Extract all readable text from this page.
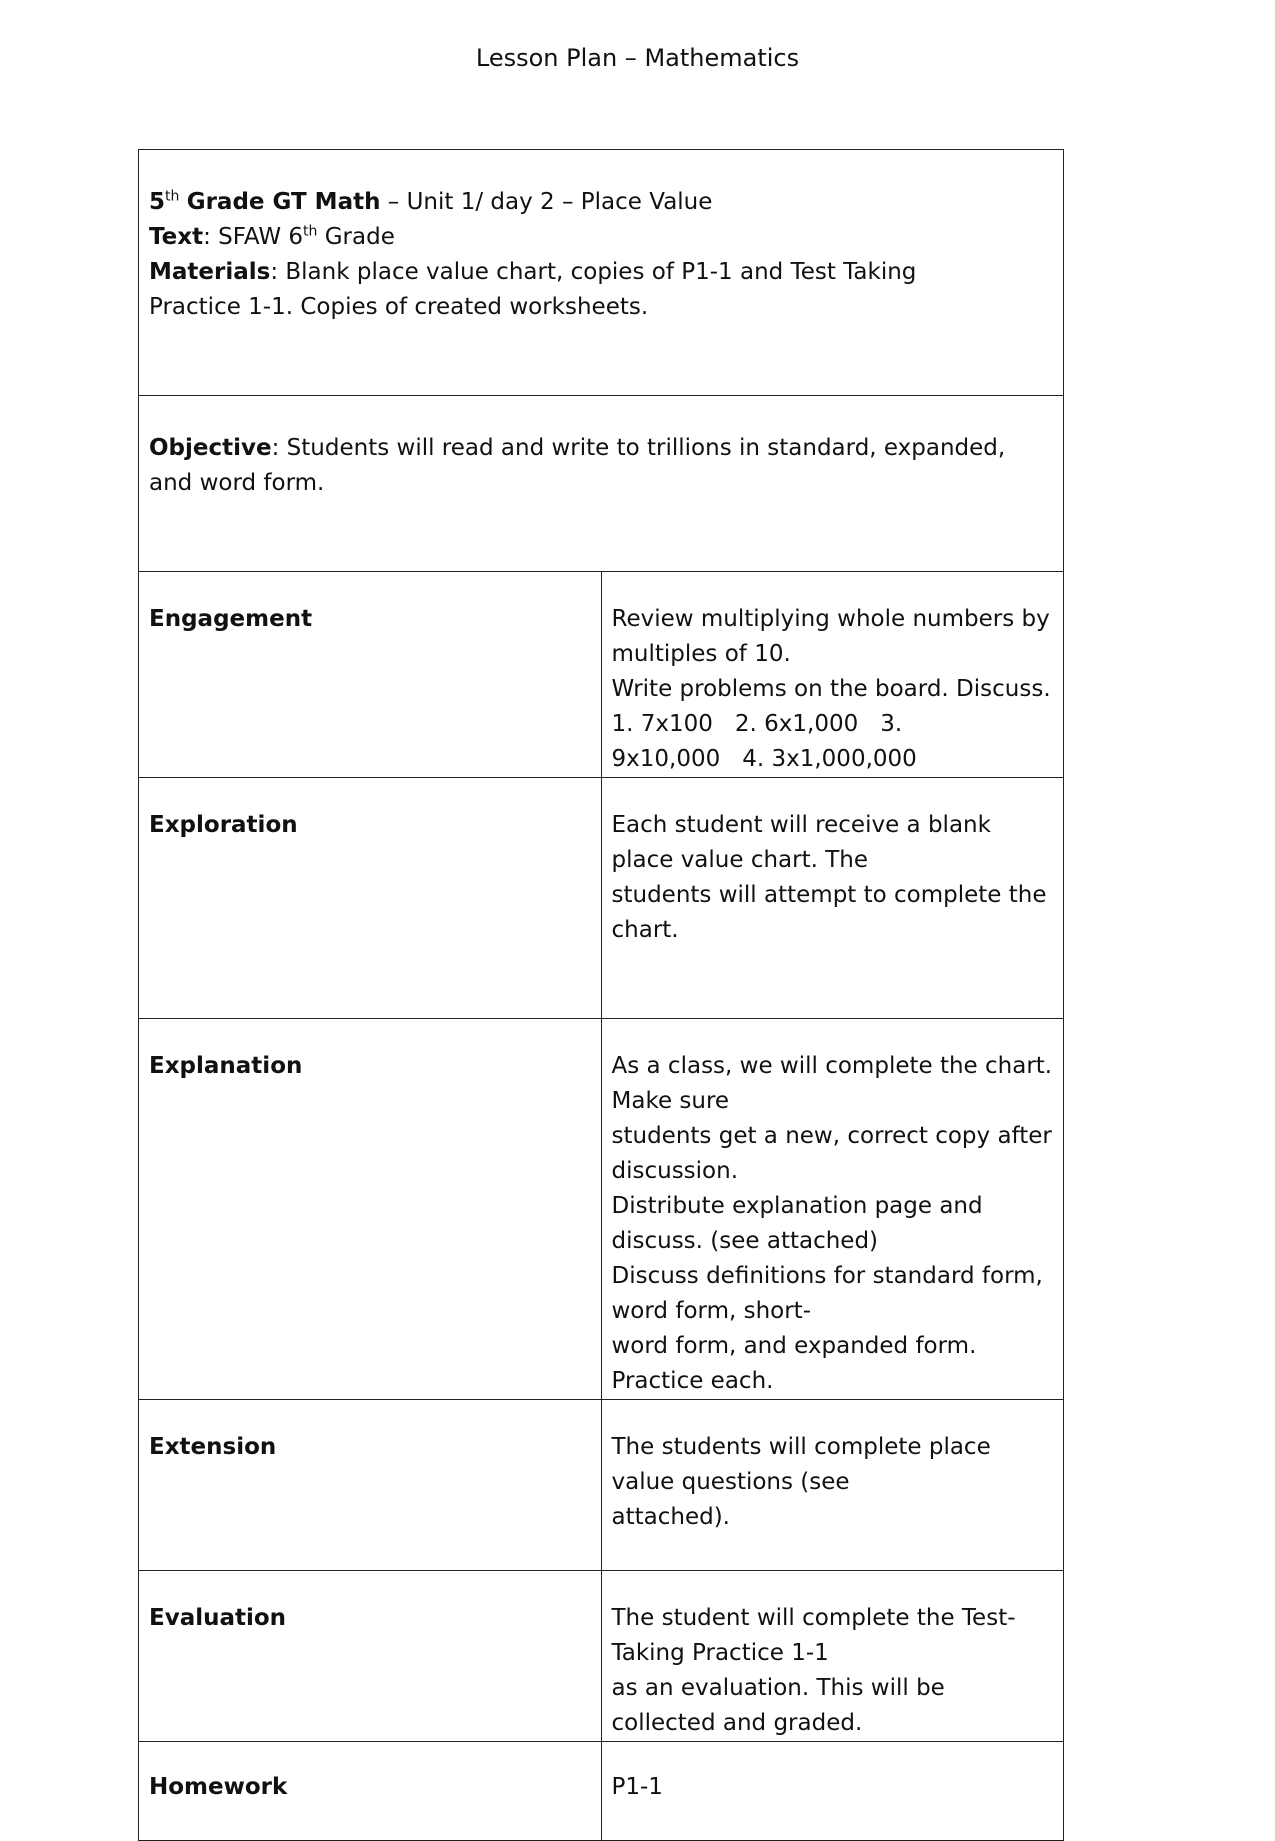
Lesson Plan – Mathematics
5th Grade GT Math – Unit 1/ day 2 – Place Value
Text: SFAW 6th Grade
Materials: Blank place value chart, copies of P1-1 and Test Taking
Practice 1-1. Copies of created worksheets.	

Objective: Students will read and write to trillions in standard, expanded,
and word form.	

Engagement	Review multiplying whole numbers by multiples of 10.
Write problems on the board. Discuss.
1. 7x100 2. 6x1,000 3. 9x10,000 4. 3x1,000,000

Exploration	Each student will receive a blank place value chart. The
students will attempt to complete the chart.

Explanation	As a class, we will complete the chart. Make sure
students get a new, correct copy after discussion.
Distribute explanation page and discuss. (see attached)
Discuss definitions for standard form, word form, short-
word form, and expanded form. Practice each.

Extension	The students will complete place value questions (see
attached).

Evaluation	The student will complete the Test-Taking Practice 1-1
as an evaluation. This will be collected and graded.

Homework	P1-1
